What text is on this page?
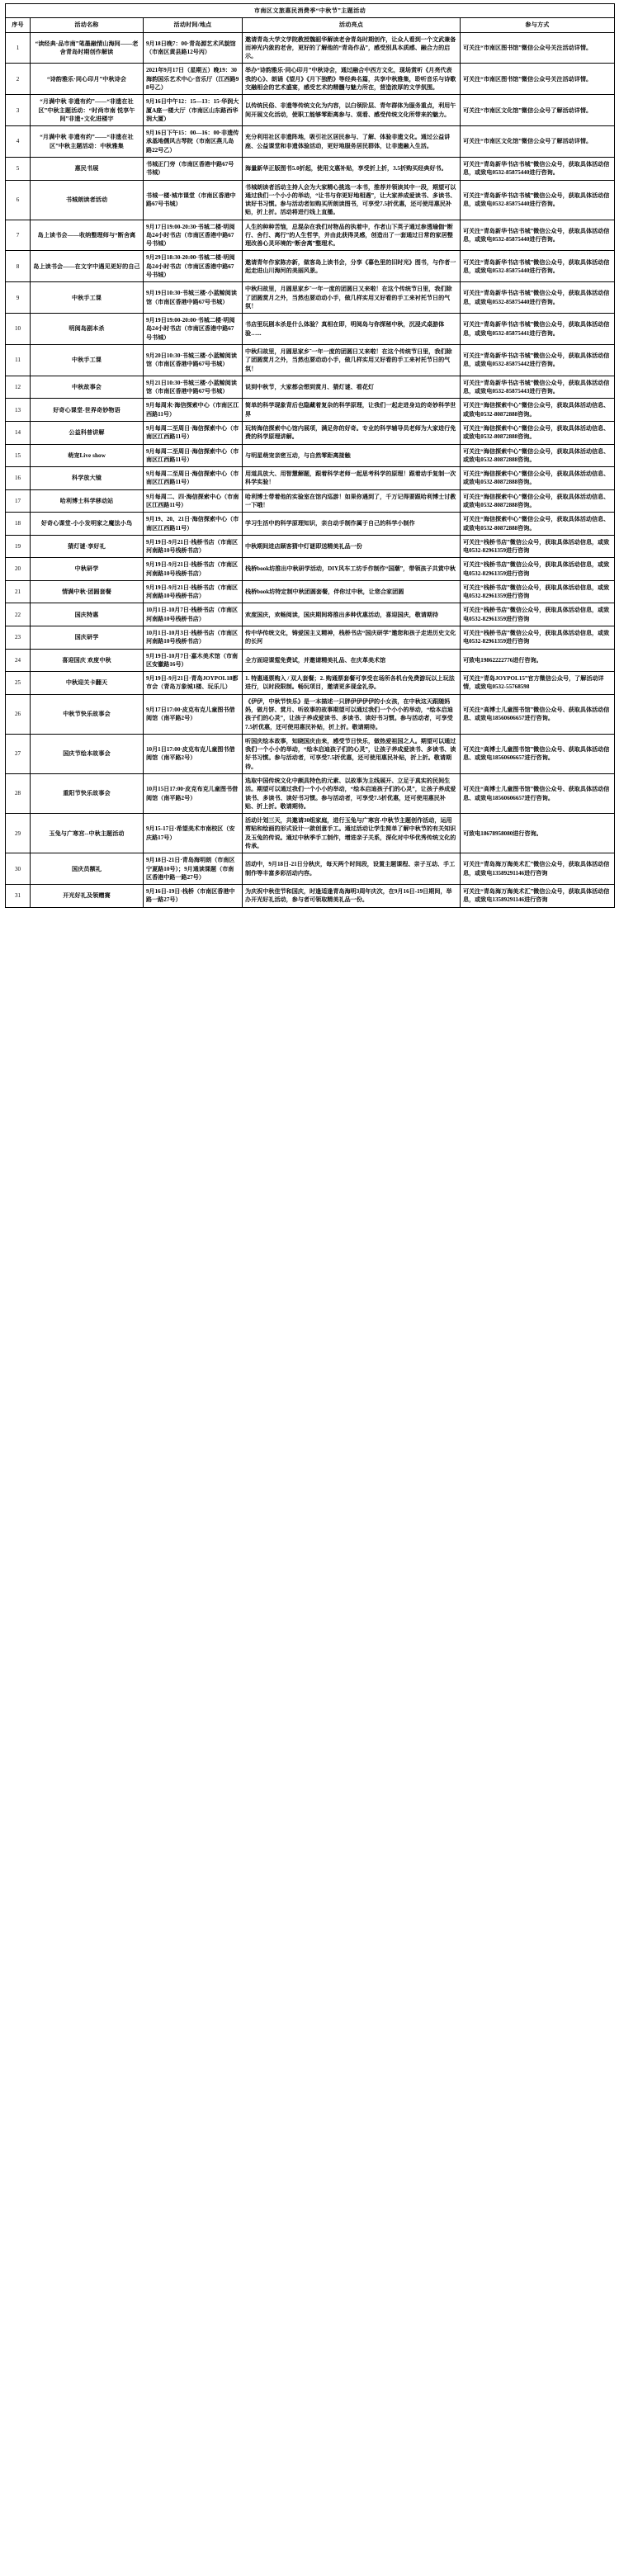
市南区文旅惠民消费季“中秋节”主题活动				
序号	活动名称	活动时间/地点	活动亮点	参与方式
1	“读经典·品市南”笔墨融情山海间——老舍青岛时期创作解读	9月18日晚7：00·青岛源艺术风貌馆（市南区黄县路12号丙）	邀请青岛大学文学院教授魏韶华解读老舍青岛时期创作，让众人看到一个文武兼备而神光内敛的老舍，更好的了解他的“青岛作品”，感受别具本质感、融合力的启示。	可关注“市南区图书馆”微信公众号关注活动详情。
2	“诗韵雅乐·同心印月”中秋诗会	2021年9月17日（星期五）晚19：30海韵国乐艺术中心·音乐厅（江西路98号乙）	举办“诗韵雅乐·同心印月”中秋诗会，通过融合中西方文化，现场赏听《月亮代表我的心》、朗诵《望月》《月下独酌》等经典名篇，共享中秋雅集，聆听音乐与诗歌交融相会的艺术盛宴，感受艺术的精髓与魅力所在，营造浓厚的文学氛围。	可关注“市南区图书馆”微信公众号关注活动详情。
3	“月满中秋 非遗有约”——“非遗在社区”中秋主题活动：“时尚市南 悦享午间”非遗+文化进楼宇	9月16日中午12：15—13：15·华润大厦A座一楼大厅（市南区山东路西华润大厦）	以传统民俗、非遗等传统文化为内容，以白领阶层、青年群体为服务重点，利用午间开展文化活动，使职工能够零距离参与、观看、感受传统文化所带来的魅力。	可关注“市南区文化馆”微信公众号了解活动详情。
4	“月满中秋 非遗有约”——“非遗在社区”中秋主题活动：中秋雅集	9月16日下午15：00—16：00·非遗传承基地儒风古琴院（市南区燕儿岛路22号乙）	充分利用社区非遗阵地，吸引社区居民参与、了解、体验非遗文化。通过公益讲座、公益课堂和非遗体验活动，更好地服务居民群体，让非遗融入生活。	可关注“市南区文化馆”微信公众号了解活动详情。
5	惠民书展	书城正门旁（市南区香港中路67号书城）	海量新华正版图书5.0折起，使用文惠补贴，享受折上折，3.5折购买经典好书。	可关注“青岛新华书店书城”微信公众号，获取具体活动信息，或致电0532-85875440进行咨询。
6	书城朗读者活动	书城一楼·城市课堂（市南区香港中路67号书城）	书城朗读者活动主持人会为大家精心挑选一本书，推荐并领读其中一段，期望可以通过我们一个小小的举动，“让书与你更好地相遇”，让大家养成爱读书、多读书、读好书习惯。参与活动者如购买所朗读图书，可享受7.5折优惠，还可使用惠民补贴，折上折。活动将进行线上直播。	可关注“青岛新华书店书城”微信公众号，获取具体活动信息，或致电0532-85875440进行咨询。
7	岛上读书会——收纳整理师与“断舍离	9月17日19:00-20:30·书城二楼·明阅岛24小时书店（市南区香港中路67号书城）	人生的种种苦恼，总混杂在我们对物品的执着中，作者山下英子通过参透瑜伽“断行、舍行、离行”的人生哲学，并由此获得灵感，创造出了一套通过日常的家居整理改善心灵环境的“断舍离”整理术。	可关注“青岛新华书店书城”微信公众号，获取具体活动信息，或致电0532-85875440进行咨询。
8	岛上读书会——在文字中遇见更好的自己	9月29日18:30-20:00·书城二楼·明阅岛24小时书店（市南区香港中路67号书城）	邀请青年作家陈亦新，做客岛上读书会，分享《暮色里的旧时光》图书，与作者一起走进山川海河的美丽风景。	可关注“青岛新华书店书城”微信公众号，获取具体活动信息，或致电0532-85875440进行咨询。
9	中秋手工课	9月19日10:30·书城三楼·小蓝鲸阅读馆（市南区香港中路67号书城）	中秋归故里，月圆思家乡˜一年一度的团圆日又来啦！在这个传统节日里，我们除了团圆赏月之外，当然也要动动小手，做几样实用又好看的手工来衬托节日的气氛！	可关注“青岛新华书店书城”微信公众号，获取具体活动信息，或致电0532-85875440进行咨询。
10	明阅岛剧本杀	9月19日19:00-20:00·书城二楼·明阅岛24小时书店（市南区香港中路67号书城）	书店里玩剧本杀是什么体验？真相在即，明阅岛与你探秘中秋，沉浸式桌游体验…...	可关注“青岛新华书店书城”微信公众号，获取具体活动信息，或致电0532-85875441进行咨询。
11	中秋手工课	9月20日10:30·书城三楼·小蓝鲸阅读馆（市南区香港中路67号书城）	中秋归故里，月圆思家乡˜一年一度的团圆日又来啦！在这个传统节日里，我们除了团圆赏月之外，当然也要动动小手，做几样实用又好看的手工来衬托节日的气氛！	可关注“青岛新华书店书城”微信公众号，获取具体活动信息，或致电0532-85875442进行咨询。
12	中秋故事会	9月21日10:30·书城三楼·小蓝鲸阅读馆（市南区香港中路67号书城）	说到中秋节，大家都会想到赏月、猜灯谜、看花灯	可关注“青岛新华书店书城”微信公众号，获取具体活动信息，或致电0532-85875443进行咨询。
13	好奇心课堂-世界奇妙物语	9月每周末·海信探索中心（市南区江西路11号）	简单的科学现象背后也隐藏着复杂的科学原理，让我们一起走进身边的奇妙科学世界	可关注“海信探索中心”微信公众号，获取具体活动信息、或致电0532-80872888咨询。
14	公益科普讲解	9月每周二至周日·海信探索中心（市南区江西路11号）	玩转海信探索中心馆内展项，满足你的好奇。专业的科学辅导员老师为大家进行免费的科学原理讲解。	可关注“海信探索中心”微信公众号，获取具体活动信息、或致电0532-80872888咨询。
15	萌宠Live show	9月每周二至周日·海信探索中心（市南区江西路11号）	与明星萌宠亲密互动，与自然零距离接触	可关注“海信探索中心”微信公众号，获取具体活动信息、或致电0532-80872888咨询。
16	科学放大镜	9月每周二至周日·海信探索中心（市南区江西路11号）	用道具放大、用智慧解题，跟着科学老师一起思考科学的原理！跟着动手复制一次科学实验！	可关注“海信探索中心”微信公众号，获取具体活动信息、或致电0532-80872888咨询。
17	哈利博士科学移动站	9月每周二、四·海信探索中心（市南区江西路11号）	哈利博士带着他的实验室在馆内巡游！如果你遇到了，千万记得要跟哈利博士讨教一下哦！	可关注“海信探索中心”微信公众号，获取具体活动信息、或致电0532-80872888咨询。
18	好奇心课堂-小小发明家之魔法小鸟	9月19、20、21日·海信探索中心（市南区江西路11号）	学习生活中的科学原理知识，亲自动手制作属于自己的科学小制作	可关注“海信探索中心”微信公众号，获取具体活动信息、或致电0532-80872888咨询。
19	猜灯谜·享好礼	9月19日-9月21日·栈桥书店（市南区河南路10号栈桥书店）	中秋期间进店顾客猜中灯谜即送精美礼品一份	可关注“栈桥书店”微信公众号，获取具体活动信息，或致电0532-82961359进行咨询
20	中秋研学	9月19日-9月21日·栈桥书店（市南区河南路10号栈桥书店）	栈桥book坊推出中秋研学活动，DIY风车工坊手作制作“国潮”，带领孩子共赏中秋	可关注“栈桥书店”微信公众号，获取具体活动信息，或致电0532-82961359进行咨询
21	情满中秋·团圆套餐	9月19日-9月21日·栈桥书店（市南区河南路10号栈桥书店）	栈桥book坊特定制中秋团圆套餐，伴你过中秋，让您合家团圆	可关注“栈桥书店”微信公众号，获取具体活动信息，或致电0532-82961359进行咨询
22	国庆特惠	10月1日-10月7日·栈桥书店（市南区河南路10号栈桥书店）	欢度国庆，欢畅阅读，国庆期间将推出多种优惠活动，喜迎国庆，敬请期待	可关注“栈桥书店”微信公众号，获取具体活动信息，或致电0532-82961359进行咨询
23	国庆研学	10月1日-10月3日·栈桥书店（市南区河南路10号栈桥书店）	传中华传统文化，铸爱国主义精神，栈桥书店“国庆研学”邀您和孩子走进历史文化的长河	可关注“栈桥书店”微信公众号，获取具体活动信息，或致电0532-82961359进行咨询
24	喜迎国庆 欢度中秋	9月19日-10月7日·嘉木美术馆（市南区安徽路16号）	全方面迎课踅免费试，并邀请精美礼品、在庆革美术馆	可致电19862222776进行咨询。
25	中秋迎关卡翻天	9月19日-9月21日·青岛JOYPOL18都市会（青岛万象城1楼、玩乐儿）	1. 特惠通票购入 / 双人套餐；2. 购通票套餐可享受在场所各机台免费游玩以上玩法进行，以时段限制。畅玩项目，邀请更多现金礼券。	可关注“青岛JOYPOL15”官方微信公众号，了解活动详情，或致电0532-55768598
26	中秋节快乐故事会	9月17日17:00·皮克布克儿童图书借阅馆（南平路2号）	《伊伊，中秋节快乐》是一本描述一只胖伊伊伊伊的小女孩，在中秋这天跟随妈妈，做月饼、赏月、听故事的故事期望可以通过我们一个小小的举动，“绘本启迪孩子们的心灵”，让孩子养成爱读书、多读书、读好书习惯。参与活动者，可享受7.5折优惠，还可使用惠民补贴，折上折。敬请期待。	可关注“高博士儿童图书馆”微信公众号、获取具体活动信息、或致电18560606657进行咨询。
27	国庆节绘本故事会	10月1日17:00·皮克布克儿童图书借阅馆（南平路2号）	听国庆绘本故事，知晓国庆由来，感受节日快乐，做热爱祖国之人。期望可以通过我们一个小小的举动，“绘本启迪孩子们的心灵”，让孩子养成爱读书、多读书、读好书习惯。参与活动者，可享受7.5折优惠，还可使用惠民补贴，折上折。敬请期待。	可关注“高博士儿童图书馆”微信公众号、获取具体活动信息、或致电18560606657进行咨询。
28	重阳节快乐故事会	10月15日17:00·皮克布克儿童图书借阅馆（南平路2号）	选取中国传统文化中颇具特色的元素、以故事为主线展开、立足于真实的民间生活。期望可以通过我们一个小小的举动，“绘本启迪孩子们的心灵”，让孩子养成爱读书、多读书、读好书习惯。参与活动者，可享受7.5折优惠，还可使用惠民补贴、折上折。敬请期待。	可关注“高博士儿童图书馆”微信公众号、获取具体活动信息、或致电18560606657进行咨询。
29	玉兔与广寒宫--中秋主题活动	9月15-17日·希望美术市南校区（安庆路17号）	活动计划三天，共邀请30组家庭，进行玉兔与广寒宫-中秋节主题创作活动，运用剪贴和绘画的形式设计一款创意手工。通过活动让学生简单了解中秋节的有关知识及玉兔的传说。通过中秋季手工制作，增进亲子关系，深化对中华优秀传统文化的传承。	可致电18678958080进行咨询。
30	国庆员额礼	9月18日-21日·青岛海明朗（市南区宁夏路10号）；9月通读课题（市南区香港中路一路27号）	活动中，9月18日-21日分秋庆，每天两个时间段，设置主题课程、亲子互动、手工制作等丰富多彩活动内容。	可关注“青岛海万海美术汇”微信公众号，获取具体活动信息，或致电13589291146进行咨询
31	开光好礼及领赠赛	9月16日-19日·栈桥（市南区香港中路一路27号）	为庆祝中秋佳节和国庆，时逢适逢青岛海明3周年庆次，在9月16日-19日期间，举办开光好礼活动，参与者可领取精美礼品一份。	可关注“青岛海万海美术汇”微信公众号，获取具体活动信息，或致电13589291146进行咨询
